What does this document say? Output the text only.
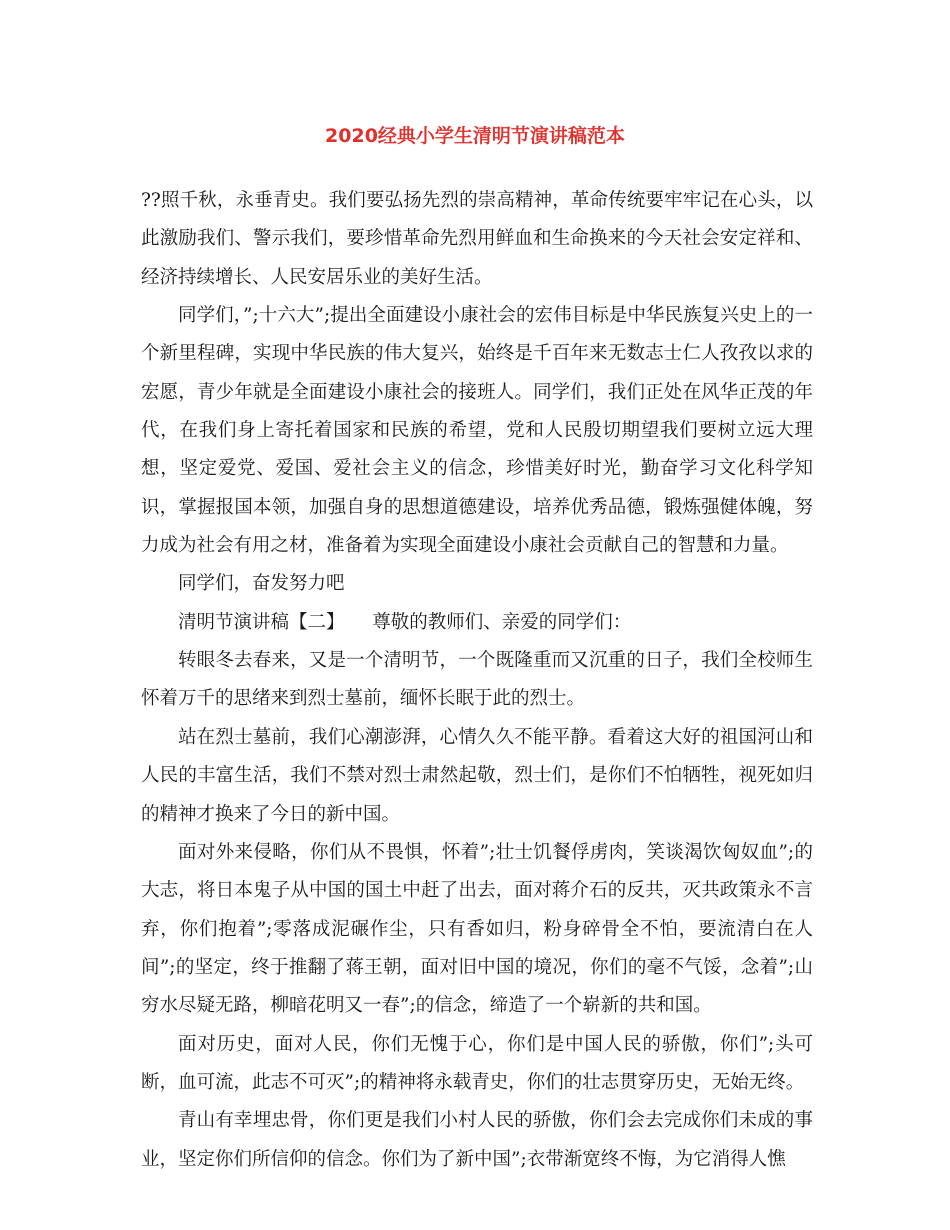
2020经典小学生清明节演讲稿范本

??照千秋，永垂青史。我们要弘扬先烈的崇高精神，革命传统要牢牢记在心头，以此激励我们、警示我们，要珍惜革命先烈用鲜血和生命换来的今天社会安定祥和、经济持续增长、人民安居乐业的美好生活。

同学们，”;十六大”;提出全面建设小康社会的宏伟目标是中华民族复兴史上的一个新里程碑，实现中华民族的伟大复兴，始终是千百年来无数志士仁人孜孜以求的宏愿，青少年就是全面建设小康社会的接班人。同学们，我们正处在风华正茂的年代，在我们身上寄托着国家和民族的希望，党和人民殷切期望我们要树立远大理想，坚定爱党、爱国、爱社会主义的信念，珍惜美好时光，勤奋学习文化科学知识，掌握报国本领，加强自身的思想道德建设，培养优秀品德，锻炼强健体魄，努力成为社会有用之材，准备着为实现全面建设小康社会贡献自己的智慧和力量。

同学们，奋发努力吧

清明节演讲稿【二】　　尊敬的教师们、亲爱的同学们：

转眼冬去春来，又是一个清明节，一个既隆重而又沉重的日子，我们全校师生怀着万千的思绪来到烈士墓前，缅怀长眠于此的烈士。

站在烈士墓前，我们心潮澎湃，心情久久不能平静。看着这大好的祖国河山和人民的丰富生活，我们不禁对烈士肃然起敬，烈士们，是你们不怕牺牲，视死如归的精神才换来了今日的新中国。

面对外来侵略，你们从不畏惧，怀着”;壮士饥餐俘虏肉，笑谈渴饮匈奴血”;的大志，将日本鬼子从中国的国土中赶了出去，面对蒋介石的反共，灭共政策永不言弃，你们抱着”;零落成泥碾作尘，只有香如归，粉身碎骨全不怕，要流清白在人间”;的坚定，终于推翻了蒋王朝，面对旧中国的境况，你们的毫不气馁，念着”;山穷水尽疑无路，柳暗花明又一春”;的信念，缔造了一个崭新的共和国。

面对历史，面对人民，你们无愧于心，你们是中国人民的骄傲，你们”;头可断，血可流，此志不可灭”;的精神将永载青史，你们的壮志贯穿历史，无始无终。

青山有幸埋忠骨，你们更是我们小村人民的骄傲，你们会去完成你们未成的事业，坚定你们所信仰的信念。你们为了新中国”;衣带渐宽终不悔，为它消得人憔
